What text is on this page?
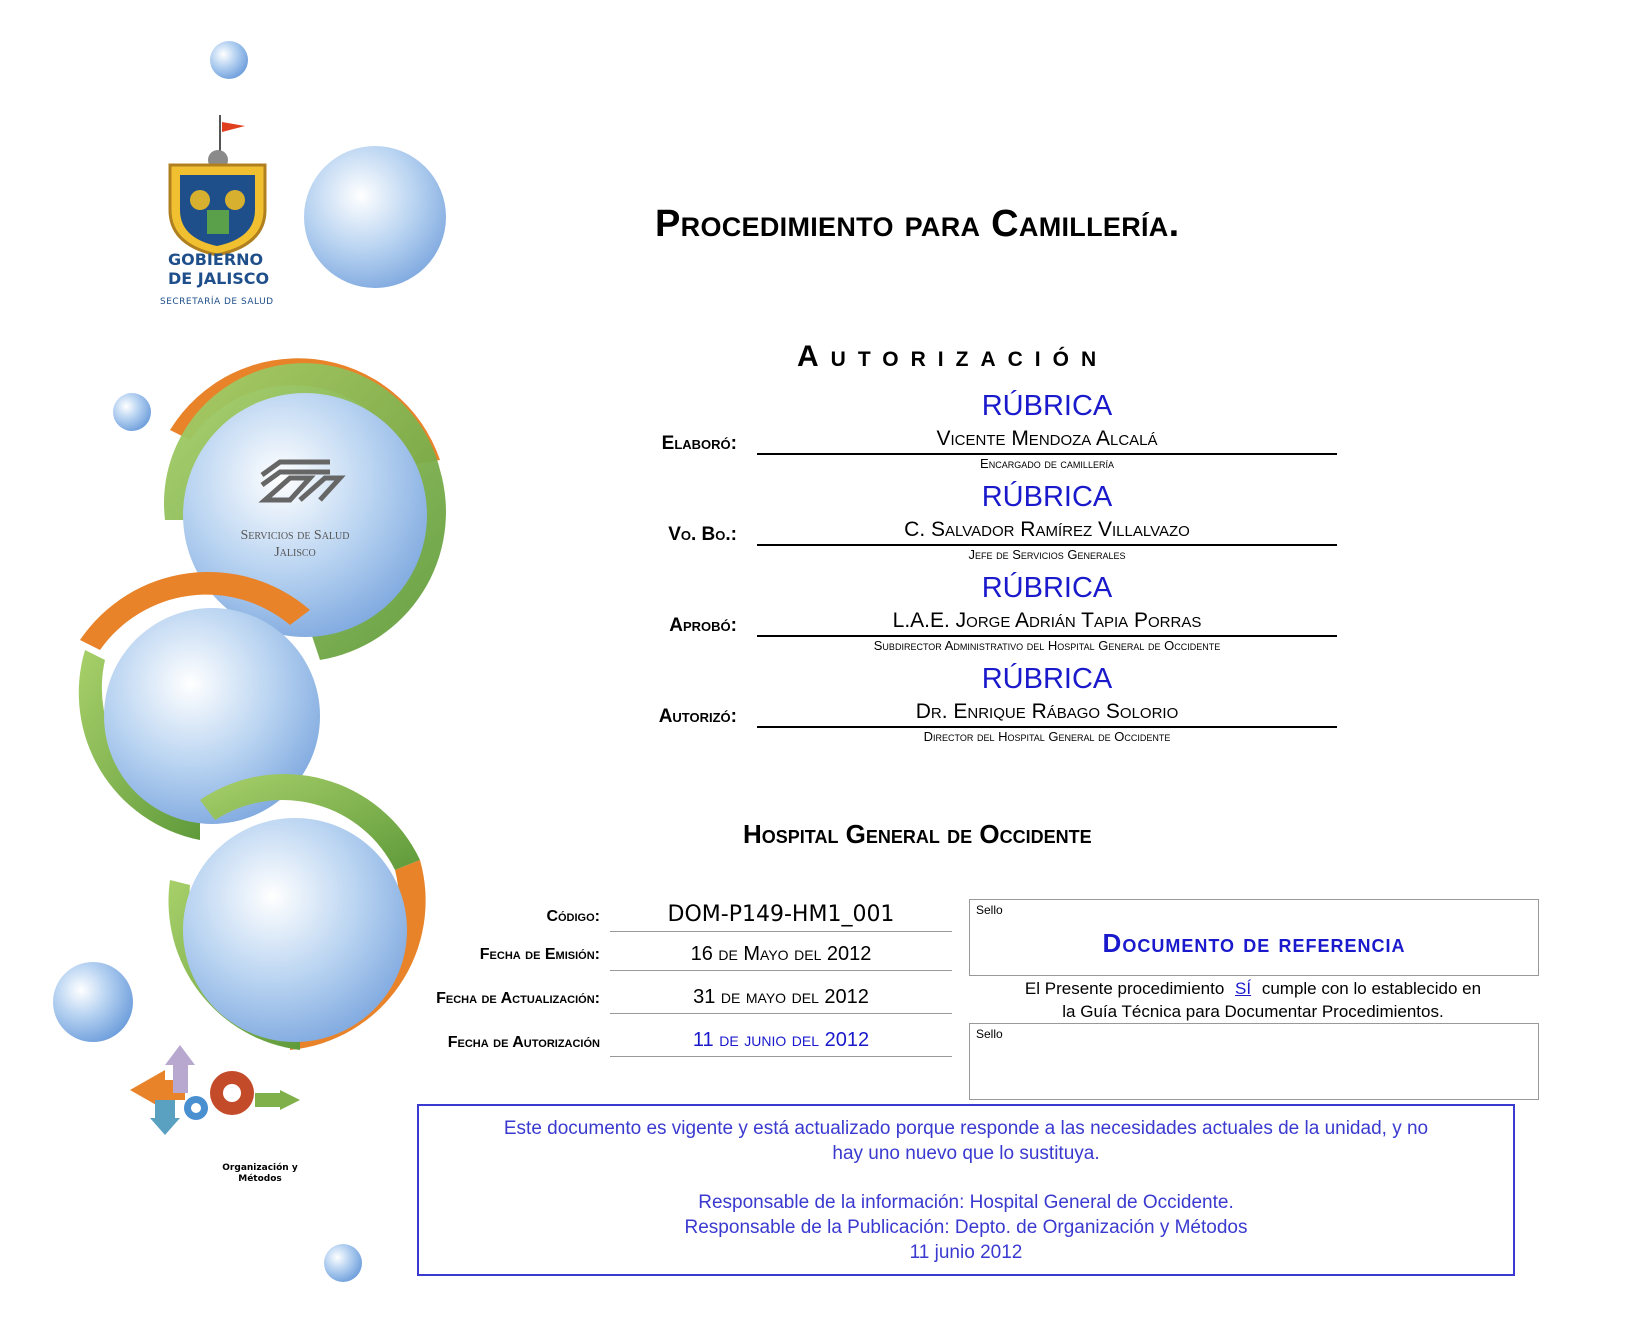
GOBIERNO
DE JALISCO
SECRETARÍA DE SALUD
Servicios de Salud
Jalisco
Organización y
Métodos
Procedimiento para Camillería.
Autorización
RÚBRICA
Elaboró:	Vicente Mendoza Alcalá
Encargado de camillería
RÚBRICA
Vo. Bo.:	C. Salvador Ramírez Villalvazo
Jefe de Servicios Generales
RÚBRICA
Aprobó:	L.A.E. Jorge Adrián Tapia Porras
Subdirector Administrativo del Hospital General de Occidente
RÚBRICA
Autorizó:	Dr. Enrique Rábago Solorio
Director del Hospital General de Occidente
Hospital General de Occidente
Código:	DOM-P149-HM1_001
Fecha de Emisión:	16 de Mayo del 2012
Fecha de Actualización:	31 de mayo del 2012
Fecha de Autorización	11 de junio del 2012
Sello
Documento de referencia
El Presente procedimiento SÍ cumple con lo establecido en
la Guía Técnica para Documentar Procedimientos.
Sello

Este documento es vigente y está actualizado porque responde a las necesidades actuales de la unidad, y no

hay uno nuevo que lo sustituya.

Responsable de la información: Hospital General de Occidente.

Responsable de la Publicación: Depto. de Organización y Métodos

11 junio 2012
